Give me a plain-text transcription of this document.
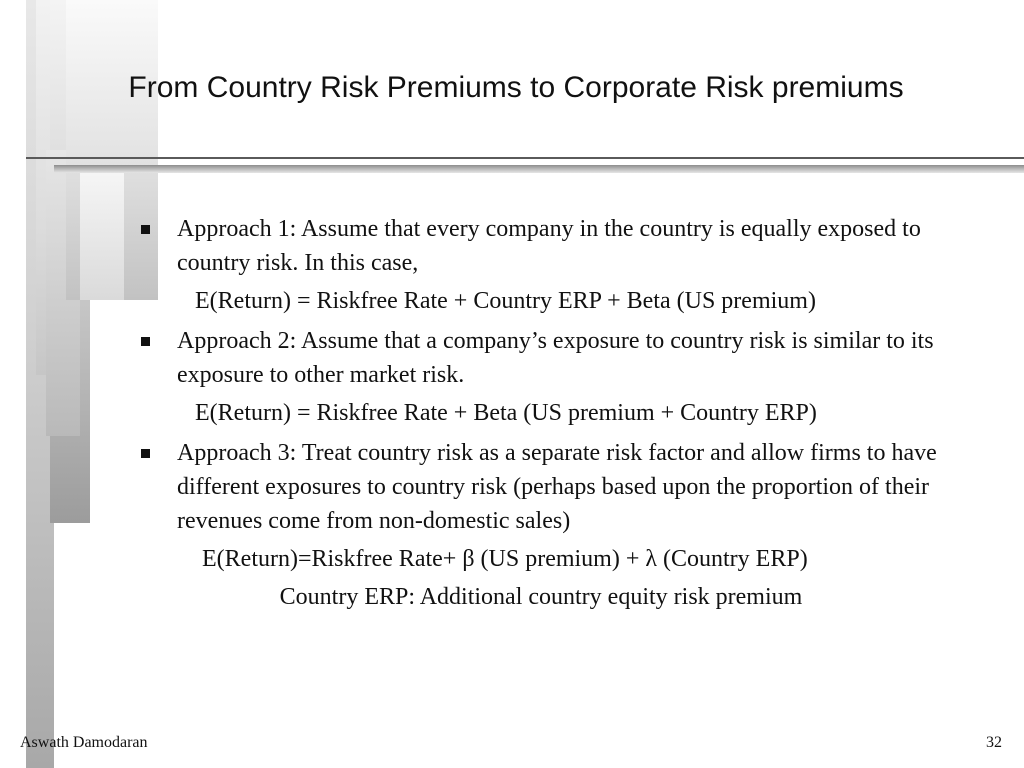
From Country Risk Premiums to Corporate Risk premiums
Approach 1: Assume that every company in the country is equally exposed to country risk. In this case,
E(Return) = Riskfree Rate + Country ERP + Beta (US premium)
Approach 2: Assume that a company’s exposure to country risk is similar to its exposure to other market risk.
E(Return) = Riskfree Rate + Beta (US premium + Country ERP)
Approach 3: Treat country risk as a separate risk factor and allow firms to have different exposures to country risk (perhaps based upon the proportion of their revenues come from non-domestic sales)
E(Return)=Riskfree Rate+ β (US premium) + λ (Country ERP)
Country ERP: Additional country equity risk premium
Aswath Damodaran	32
